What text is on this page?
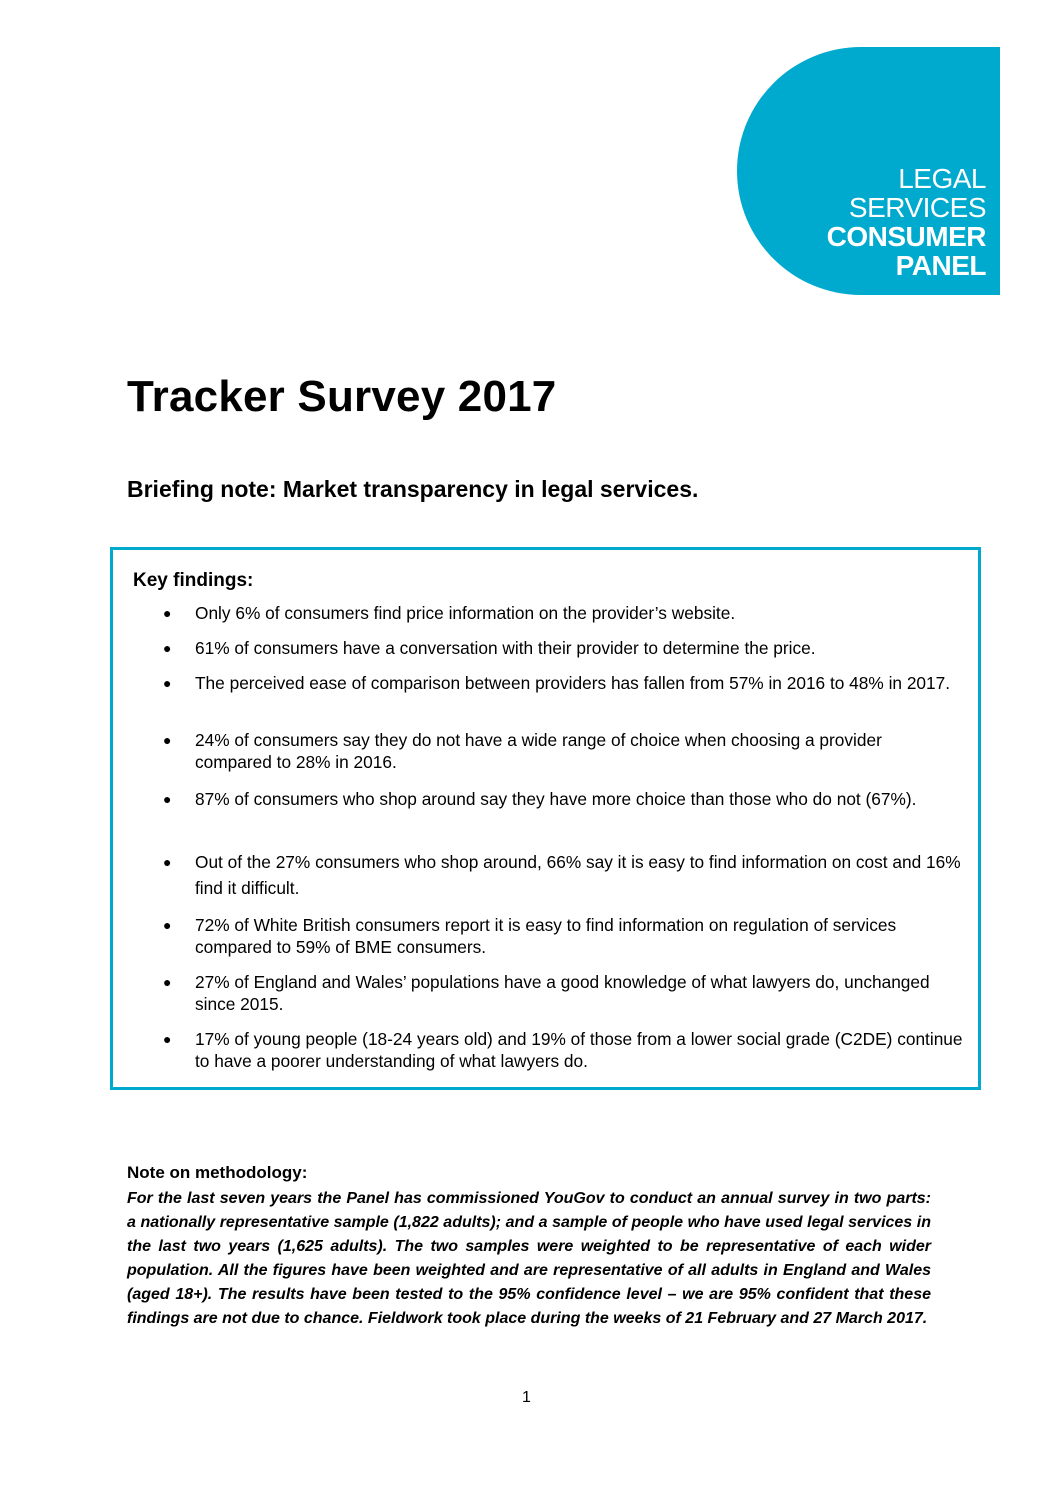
LEGAL
SERVICES
CONSUMER
PANEL
Tracker Survey 2017
Briefing note: Market transparency in legal services.
Key findings:
● Only 6% of consumers find price information on the provider’s website.
● 61% of consumers have a conversation with their provider to determine the price.
● The perceived ease of comparison between providers has fallen from 57% in 2016 to 48% in 2017.
● 24% of consumers say they do not have a wide range of choice when choosing a provider compared to 28% in 2016.
● 87% of consumers who shop around say they have more choice than those who do not (67%).
● Out of the 27% consumers who shop around, 66% say it is easy to find information on cost and 16% find it difficult.
● 72% of White British consumers report it is easy to find information on regulation of services compared to 59% of BME consumers.
● 27% of England and Wales’ populations have a good knowledge of what lawyers do, unchanged since 2015.
● 17% of young people (18-24 years old) and 19% of those from a lower social grade (C2DE) continue to have a poorer understanding of what lawyers do.
Note on methodology:

For the last seven years the Panel has commissioned YouGov to conduct an annual survey in two parts: a nationally representative sample (1,822 adults); and a sample of people who have used legal services in the last two years (1,625 adults). The two samples were weighted to be representative of each wider population. All the figures have been weighted and are representative of all adults in England and Wales (aged 18+). The results have been tested to the 95% confidence level – we are 95% confident that these findings are not due to chance. Fieldwork took place during the weeks of 21 February and 27 March 2017.

1
